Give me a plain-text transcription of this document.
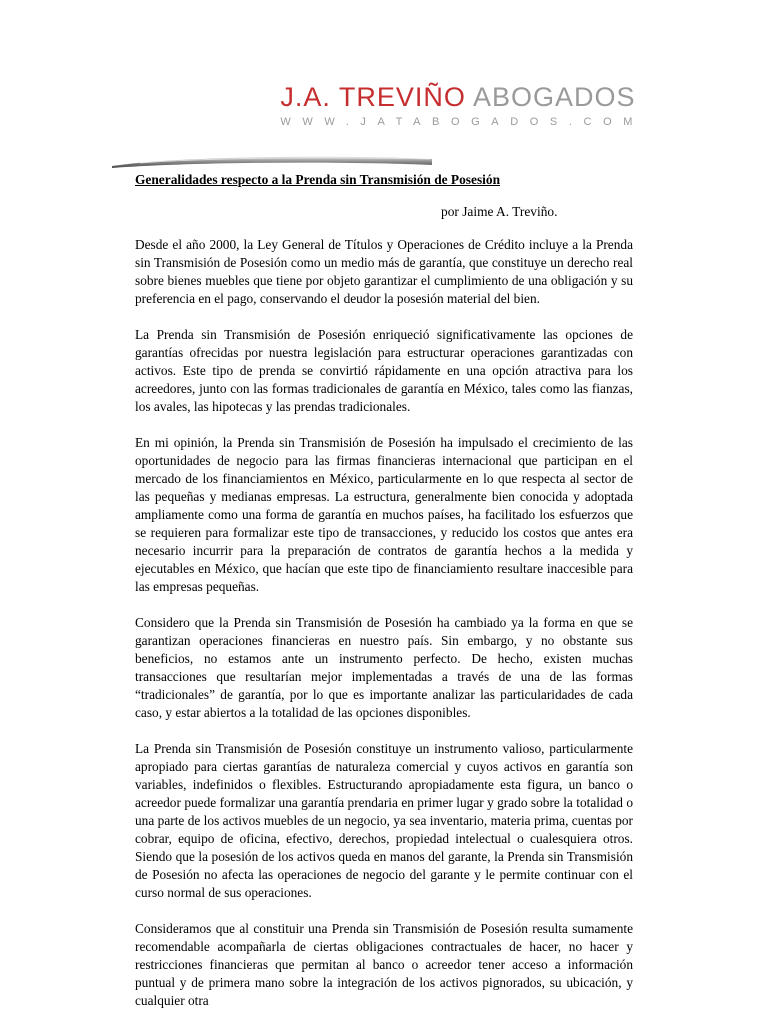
J.A. TREVIÑO ABOGADOS
WWW.JATABOGADOS.COM
Generalidades respecto a la Prenda sin Transmisión de Posesión

por Jaime A. Treviño.

Desde el año 2000, la Ley General de Títulos y Operaciones de Crédito incluye a la Prenda sin Transmisión de Posesión como un medio más de garantía, que constituye un derecho real sobre bienes muebles que tiene por objeto garantizar el cumplimiento de una obligación y su preferencia en el pago, conservando el deudor la posesión material del bien.

La Prenda sin Transmisión de Posesión enriqueció significativamente las opciones de garantías ofrecidas por nuestra legislación para estructurar operaciones garantizadas con activos. Este tipo de prenda se convirtió rápidamente en una opción atractiva para los acreedores, junto con las formas tradicionales de garantía en México, tales como las fianzas, los avales, las hipotecas y las prendas tradicionales.

En mi opinión, la Prenda sin Transmisión de Posesión ha impulsado el crecimiento de las oportunidades de negocio para las firmas financieras internacional que participan en el mercado de los financiamientos en México, particularmente en lo que respecta al sector de las pequeñas y medianas empresas. La estructura, generalmente bien conocida y adoptada ampliamente como una forma de garantía en muchos países, ha facilitado los esfuerzos que se requieren para formalizar este tipo de transacciones, y reducido los costos que antes era necesario incurrir para la preparación de contratos de garantía hechos a la medida y ejecutables en México, que hacían que este tipo de financiamiento resultare inaccesible para las empresas pequeñas.

Considero que la Prenda sin Transmisión de Posesión ha cambiado ya la forma en que se garantizan operaciones financieras en nuestro país. Sin embargo, y no obstante sus beneficios, no estamos ante un instrumento perfecto. De hecho, existen muchas transacciones que resultarían mejor implementadas a través de una de las formas “tradicionales” de garantía, por lo que es importante analizar las particularidades de cada caso, y estar abiertos a la totalidad de las opciones disponibles.

La Prenda sin Transmisión de Posesión constituye un instrumento valioso, particularmente apropiado para ciertas garantías de naturaleza comercial y cuyos activos en garantía son variables, indefinidos o flexibles. Estructurando apropiadamente esta figura, un banco o acreedor puede formalizar una garantía prendaria en primer lugar y grado sobre la totalidad o una parte de los activos muebles de un negocio, ya sea inventario, materia prima, cuentas por cobrar, equipo de oficina, efectivo, derechos, propiedad intelectual o cualesquiera otros. Siendo que la posesión de los activos queda en manos del garante, la Prenda sin Transmisión de Posesión no afecta las operaciones de negocio del garante y le permite continuar con el curso normal de sus operaciones.

Consideramos que al constituir una Prenda sin Transmisión de Posesión resulta sumamente recomendable acompañarla de ciertas obligaciones contractuales de hacer, no hacer y restricciones financieras que permitan al banco o acreedor tener acceso a información puntual y de primera mano sobre la integración de los activos pignorados, su ubicación, y cualquier otra
